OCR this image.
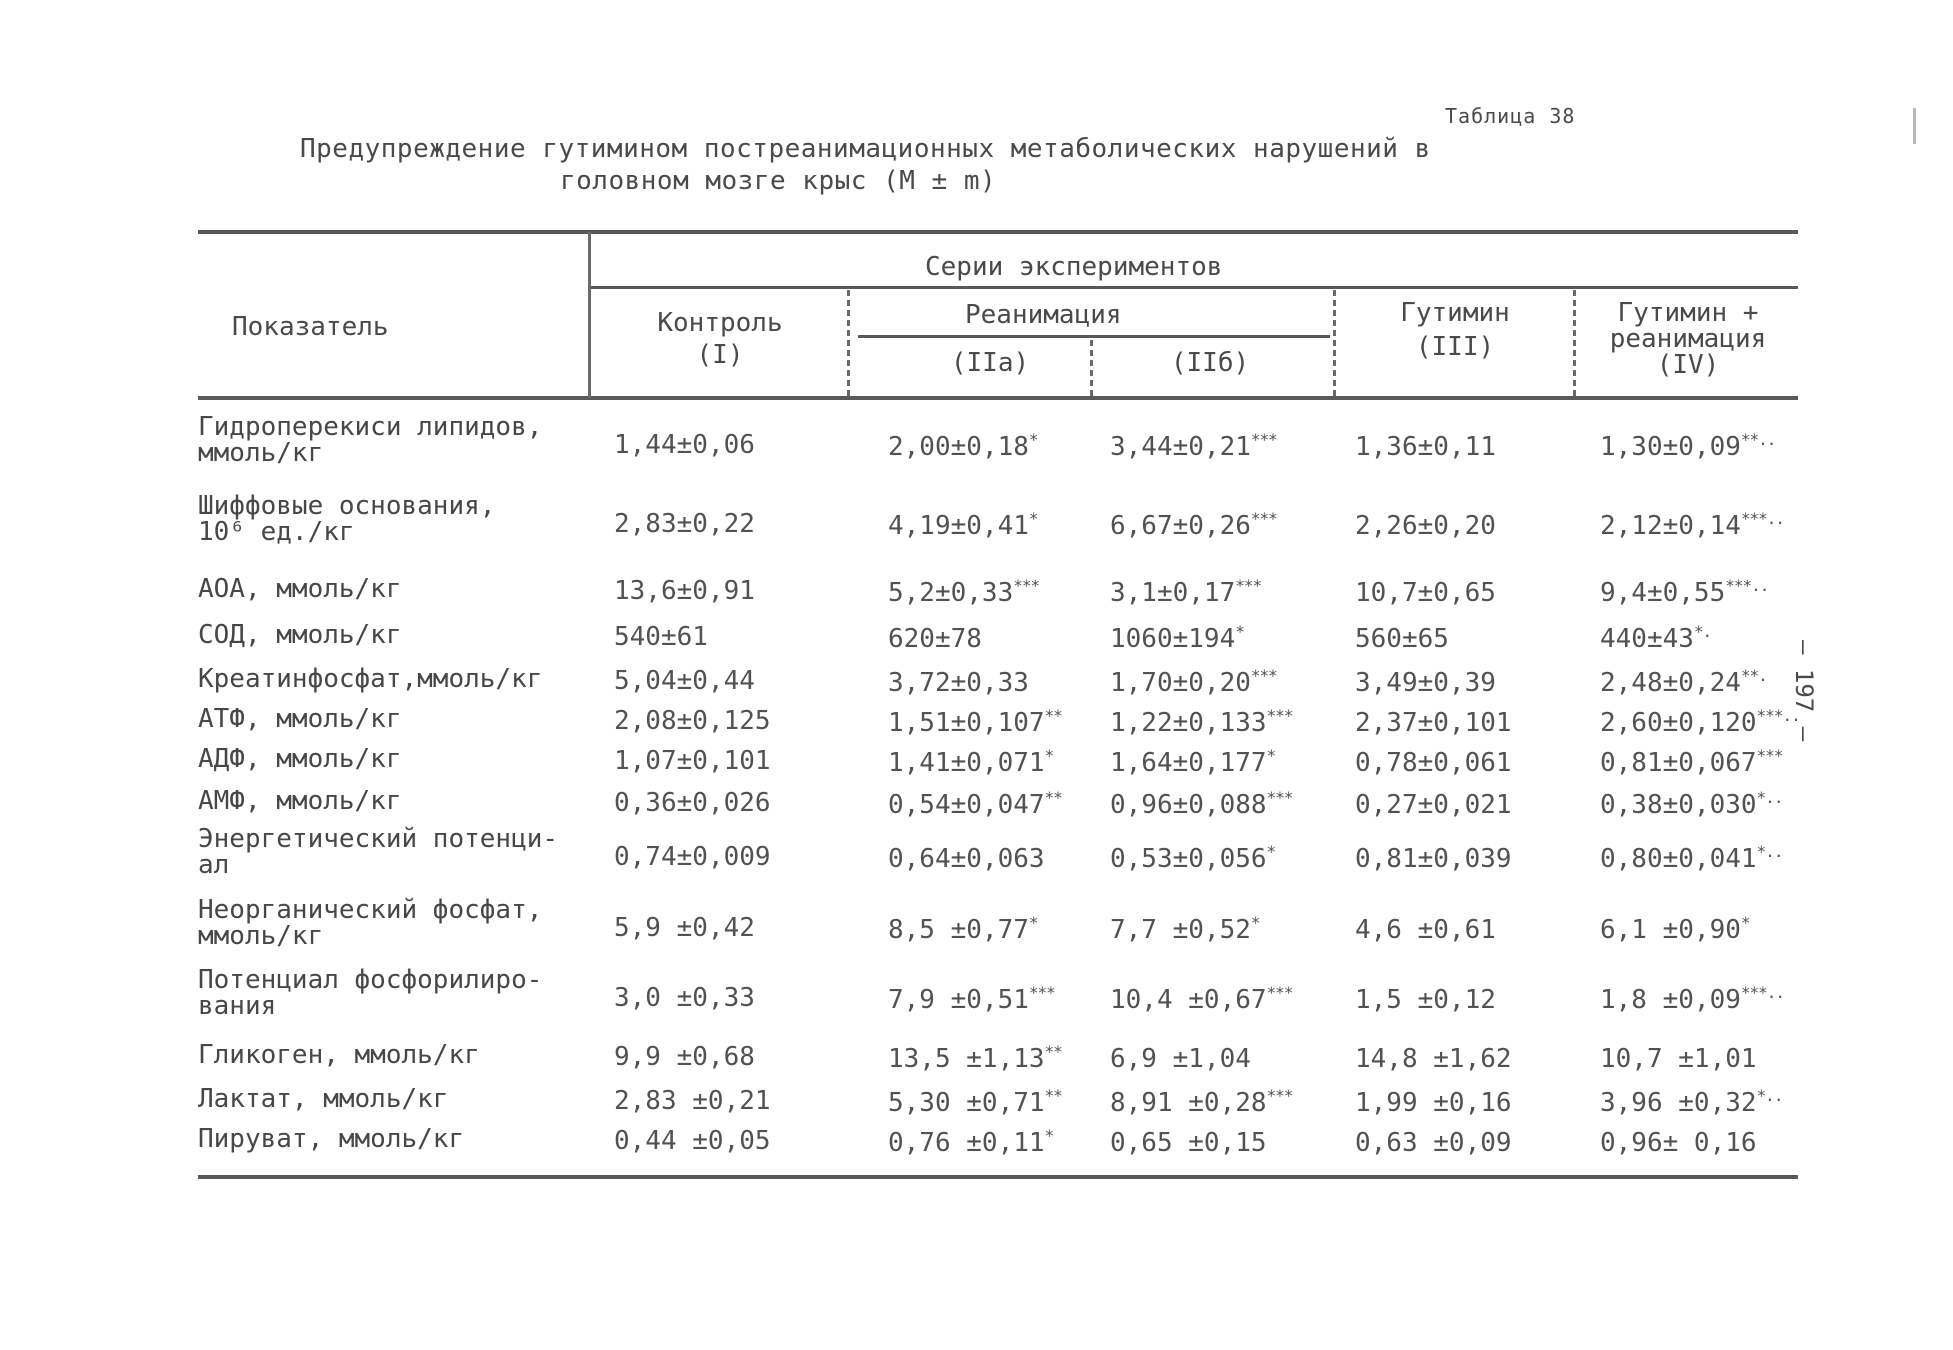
Таблица 38
Предупреждение гутимином постреанимационных метаболических нарушений в
головном мозге крыс (М ± m)
Показатель
Серии экспериментов
Контроль
(I)
Реанимация
(IIа)	(IIб)
Гутимин
(III)
Гутимин +
реанимация
(IV)
Гидроперекиси липидов,
ммоль/кг	1,44±0,06	2,00±0,18*	3,44±0,21***	1,36±0,11	1,30±0,09**..
Шиффовые основания,
10⁶ ед./кг	2,83±0,22	4,19±0,41*	6,67±0,26***	2,26±0,20	2,12±0,14***..
АОА, ммоль/кг	13,6±0,91	5,2±0,33***	3,1±0,17***	10,7±0,65	9,4±0,55***..
СОД, ммоль/кг	540±61	620±78	1060±194*	560±65	440±43*.
Креатинфосфат,ммоль/кг	5,04±0,44	3,72±0,33	1,70±0,20***	3,49±0,39	2,48±0,24**.
АТФ, ммоль/кг	2,08±0,125	1,51±0,107** 1,22±0,133*** 2,37±0,101	2,60±0,120***..
АДФ, ммоль/кг	1,07±0,101	1,41±0,071* 1,64±0,177*	0,78±0,061	0,81±0,067***
АМФ, ммоль/кг	0,36±0,026	0,54±0,047** 0,96±0,088*** 0,27±0,021	0,38±0,030*..
Энергетический потенци-
ал	0,74±0,009	0,64±0,063	0,53±0,056*	0,81±0,039	0,80±0,041*..
Неорганический фосфат,
ммоль/кг	5,9 ±0,42	8,5 ±0,77*	7,7 ±0,52*	4,6 ±0,61	6,1 ±0,90*
Потенциал фосфорилиро-
вания	3,0 ±0,33	7,9 ±0,51*** 10,4 ±0,67*** 1,5 ±0,12	1,8 ±0,09***..
Гликоген, ммоль/кг	9,9 ±0,68	13,5 ±1,13** 6,9 ±1,04	14,8 ±1,62	10,7 ±1,01
Лактат, ммоль/кг	2,83 ±0,21	5,30 ±0,71** 8,91 ±0,28*** 1,99 ±0,16	3,96 ±0,32*..
Пируват, ммоль/кг	0,44 ±0,05	0,76 ±0,11* 0,65 ±0,15	0,63 ±0,09	0,96± 0,16
– 197 –
